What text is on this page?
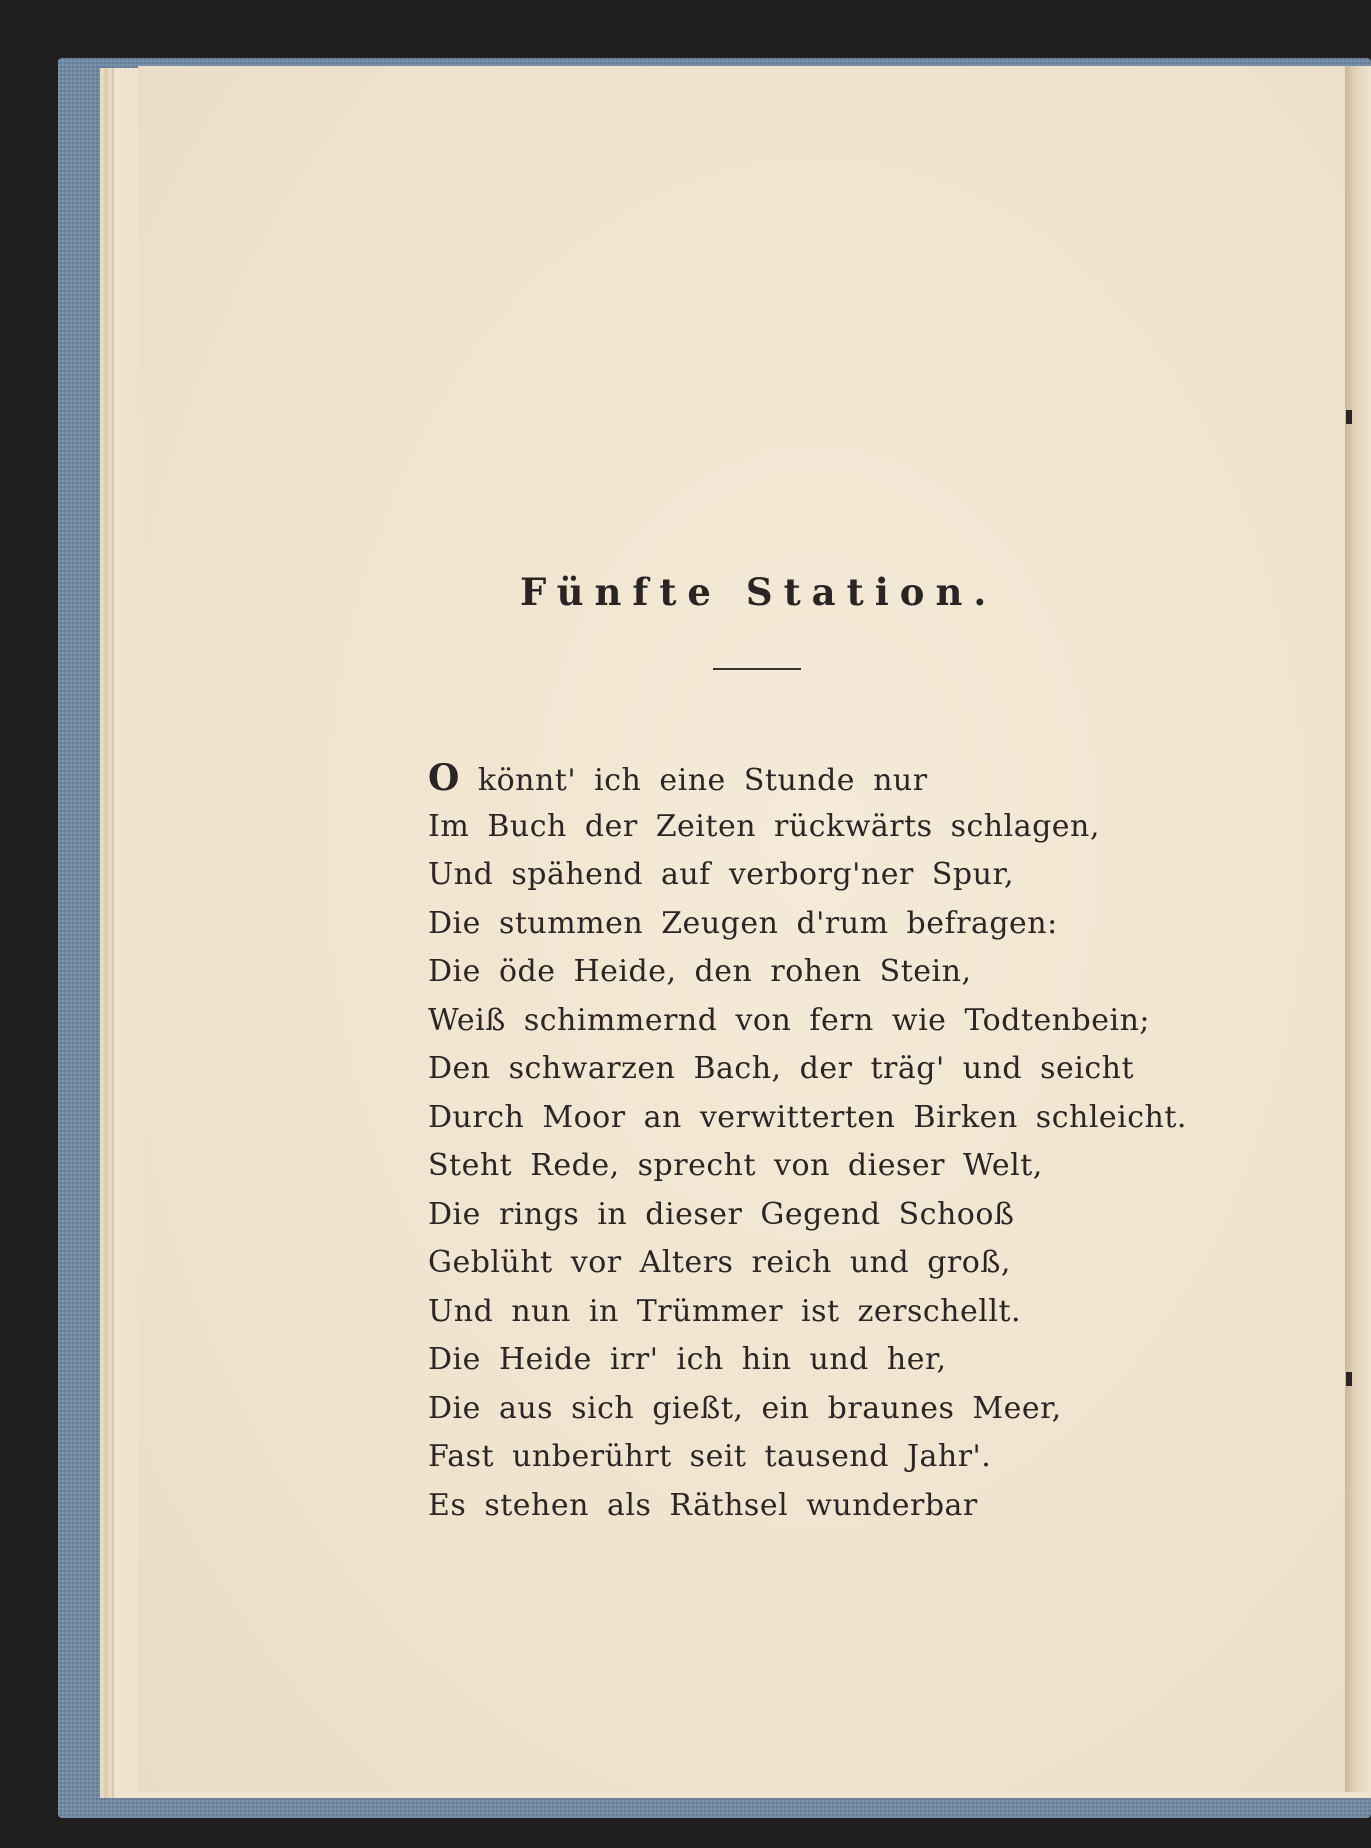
Fünfte Station.
O könnt' ich eine Stunde nur
Im Buch der Zeiten rückwärts schlagen,
Und spähend auf verborg'ner Spur,
Die stummen Zeugen d'rum befragen:
Die öde Heide, den rohen Stein,
Weiß schimmernd von fern wie Todtenbein;
Den schwarzen Bach, der träg' und seicht
Durch Moor an verwitterten Birken schleicht.
Steht Rede, sprecht von dieser Welt,
Die rings in dieser Gegend Schooß
Geblüht vor Alters reich und groß,
Und nun in Trümmer ist zerschellt.
Die Heide irr' ich hin und her,
Die aus sich gießt, ein braunes Meer,
Fast unberührt seit tausend Jahr'.
Es stehen als Räthsel wunderbar
